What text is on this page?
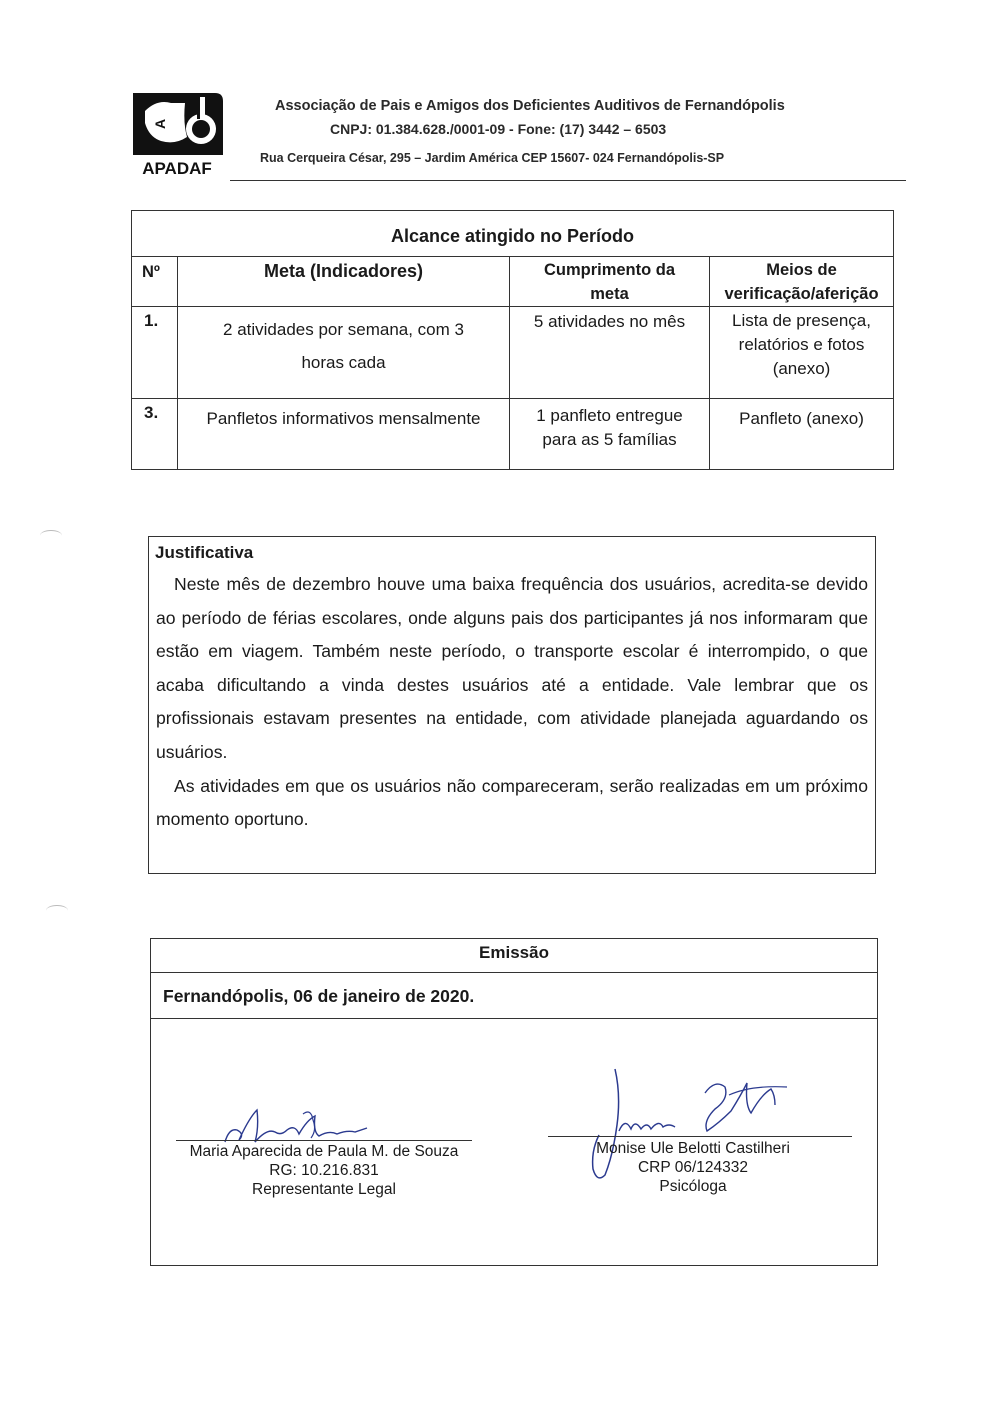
A
APADAF
Associação de Pais e Amigos dos Deficientes Auditivos de Fernandópolis
CNPJ: 01.384.628./0001-09 - Fone: (17) 3442 – 6503
Rua Cerqueira César, 295 – Jardim América CEP 15607- 024 Fernandópolis-SP
Alcance atingido no Período			
Nº	Meta (Indicadores)	Cumprimento da meta	Meios de verificação/aferição

1.	2 atividades por semana, com 3 horas cada	5 atividades no mês	Lista de presença, relatórios e fotos (anexo)

3.	Panfletos informativos mensalmente	1 panfleto entregue para as 5 famílias	Panfleto (anexo)
Justificativa

Neste mês de dezembro houve uma baixa frequência dos usuários, acredita-se devido ao período de férias escolares, onde alguns pais dos participantes já nos informaram que estão em viagem. Também neste período, o transporte escolar é interrompido, o que acaba dificultando a vinda destes usuários até a entidade. Vale lembrar que os profissionais estavam presentes na entidade, com atividade planejada aguardando os usuários.

As atividades em que os usuários não compareceram, serão realizadas em um próximo momento oportuno.

Emissão
Fernandópolis, 06 de janeiro de 2020.
Maria Aparecida de Paula M. de Souza
RG: 10.216.831
Representante Legal
Monise Ule Belotti Castilheri
CRP 06/124332
Psicóloga
